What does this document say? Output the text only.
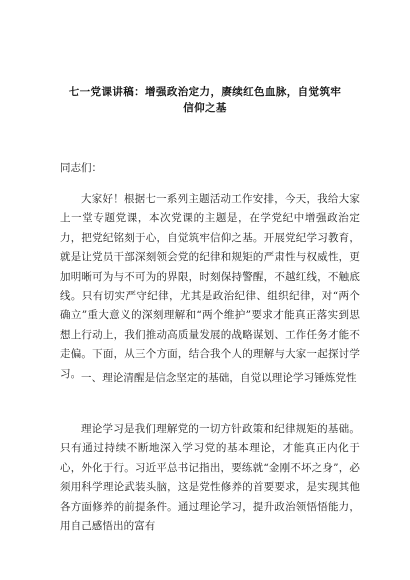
七一党课讲稿：增强政治定力，赓续红色血脉，自觉筑牢
信仰之基
同志们：
大家好！根据七一系列主题活动工作安排，今天，我给大家上一堂专题党课，本次党课的主题是，在学党纪中增强政治定力，把党纪铭刻于心，自觉筑牢信仰之基。开展党纪学习教育，就是让党员干部深刻领会党的纪律和规矩的严肃性与权威性，更加明晰可为与不可为的界限，时刻保持警醒，不越红线，不触底线。只有切实严守纪律，尤其是政治纪律、组织纪律，对“两个确立”重大意义的深刻理解和“两个维护”要求才能真正落实到思想上行动上，我们推动高质量发展的战略谋划、工作任务才能不走偏。下面，从三个方面，结合我个人的理解与大家一起探讨学习。 一、理论清醒是信念坚定的基础，自觉以理论学习锤炼党性
理论学习是我们理解党的一切方针政策和纪律规矩的基础。只有通过持续不断地深入学习党的基本理论，才能真正内化于心，外化于行。习近平总书记指出，要练就“金刚不坏之身”，必须用科学理论武装头脑，这是党性修养的首要要求，是实现其他各方面修养的前提条件。通过理论学习，提升政治领悟悟能力，用自己感悟出的富有
